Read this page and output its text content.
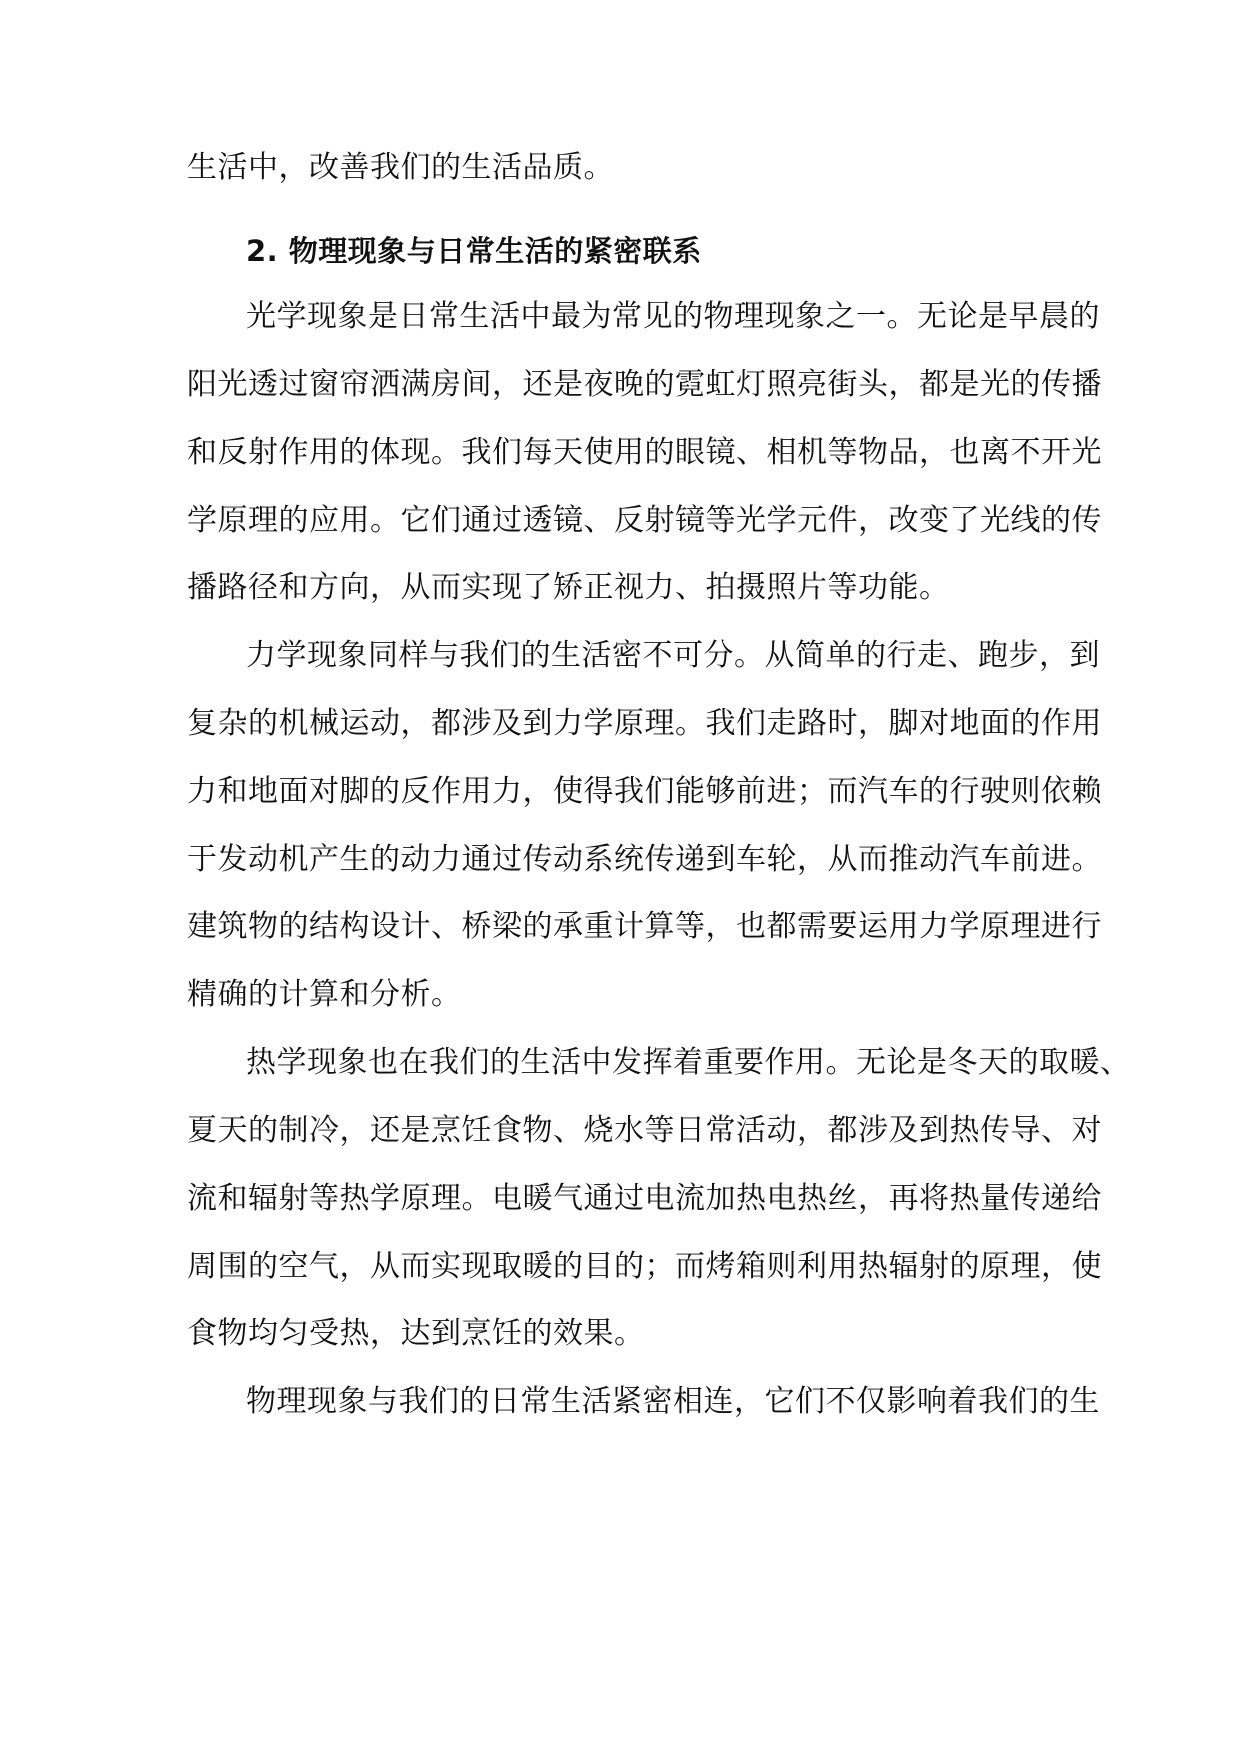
生活中，改善我们的生活品质。
2. 物理现象与日常生活的紧密联系
光学现象是日常生活中最为常见的物理现象之一。无论是早晨的
阳光透过窗帘洒满房间，还是夜晚的霓虹灯照亮街头，都是光的传播
和反射作用的体现。我们每天使用的眼镜、相机等物品，也离不开光
学原理的应用。它们通过透镜、反射镜等光学元件，改变了光线的传
播路径和方向，从而实现了矫正视力、拍摄照片等功能。
力学现象同样与我们的生活密不可分。从简单的行走、跑步，到
复杂的机械运动，都涉及到力学原理。我们走路时，脚对地面的作用
力和地面对脚的反作用力，使得我们能够前进；而汽车的行驶则依赖
于发动机产生的动力通过传动系统传递到车轮，从而推动汽车前进。
建筑物的结构设计、桥梁的承重计算等，也都需要运用力学原理进行
精确的计算和分析。
热学现象也在我们的生活中发挥着重要作用。无论是冬天的取暖、
夏天的制冷，还是烹饪食物、烧水等日常活动，都涉及到热传导、对
流和辐射等热学原理。电暖气通过电流加热电热丝，再将热量传递给
周围的空气，从而实现取暖的目的；而烤箱则利用热辐射的原理，使
食物均匀受热，达到烹饪的效果。
物理现象与我们的日常生活紧密相连，它们不仅影响着我们的生
